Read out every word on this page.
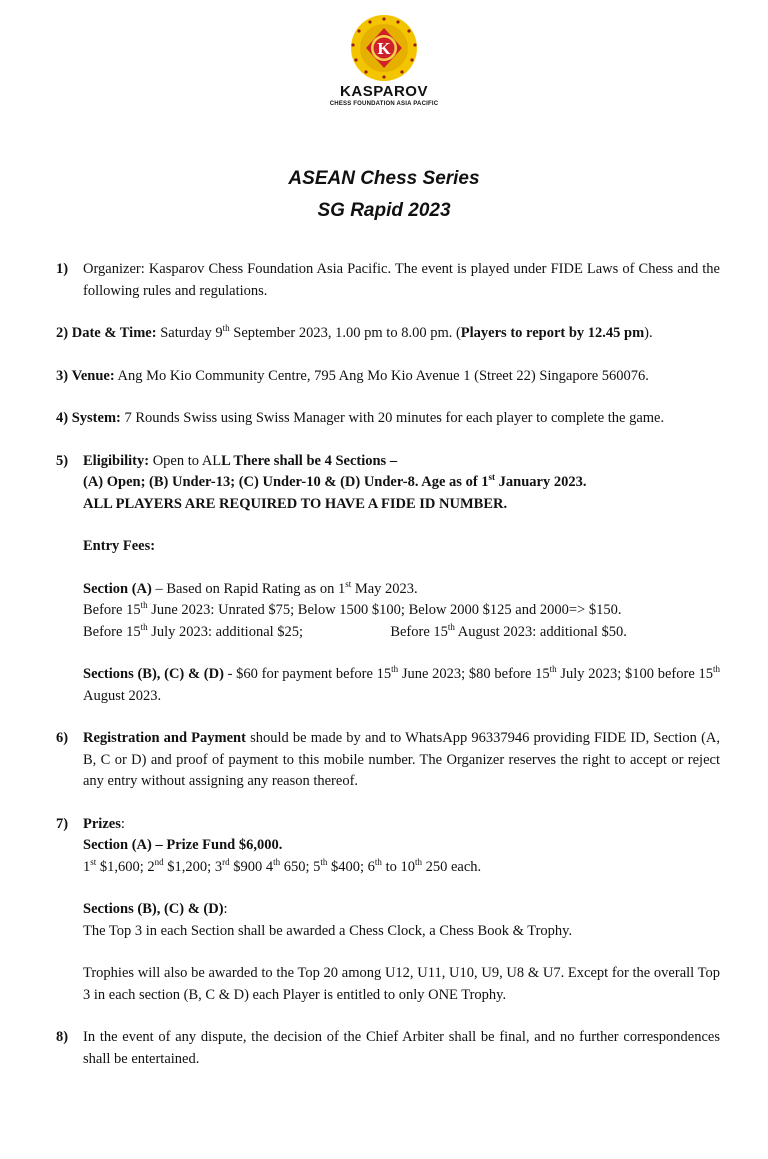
K
KASPAROV
CHESS FOUNDATION ASIA PACIFIC
ASEAN Chess Series
SG Rapid 2023
1) Organizer: Kasparov Chess Foundation Asia Pacific. The event is played under FIDE Laws of Chess and the following rules and regulations.
2) Date & Time: Saturday 9th September 2023, 1.00 pm to 8.00 pm. (Players to report by 12.45 pm).
3) Venue: Ang Mo Kio Community Centre, 795 Ang Mo Kio Avenue 1 (Street 22) Singapore 560076.
4) System: 7 Rounds Swiss using Swiss Manager with 20 minutes for each player to complete the game.
5) Eligibility: Open to ALL There shall be 4 Sections –
(A) Open; (B) Under-13; (C) Under-10 & (D) Under-8. Age as of 1st January 2023.
ALL PLAYERS ARE REQUIRED TO HAVE A FIDE ID NUMBER.
Entry Fees:
Section (A) – Based on Rapid Rating as on 1st May 2023.
Before 15th June 2023: Unrated $75; Below 1500 $100; Below 2000 $125 and 2000=> $150.
Before 15th July 2023: additional $25;	Before 15th August 2023: additional $50.
Sections (B), (C) & (D) - $60 for payment before 15th June 2023; $80 before 15th July 2023; $100 before 15th August 2023.
6) Registration and Payment should be made by and to WhatsApp 96337946 providing FIDE ID, Section (A, B, C or D) and proof of payment to this mobile number. The Organizer reserves the right to accept or reject any entry without assigning any reason thereof.
7) Prizes:
Section (A) – Prize Fund $6,000.
1st $1,600; 2nd $1,200; 3rd $900 4th 650; 5th $400; 6th to 10th 250 each.
Sections (B), (C) & (D):
The Top 3 in each Section shall be awarded a Chess Clock, a Chess Book & Trophy.
Trophies will also be awarded to the Top 20 among U12, U11, U10, U9, U8 & U7. Except for the overall Top 3 in each section (B, C & D) each Player is entitled to only ONE Trophy.
8) In the event of any dispute, the decision of the Chief Arbiter shall be final, and no further correspondences shall be entertained.
